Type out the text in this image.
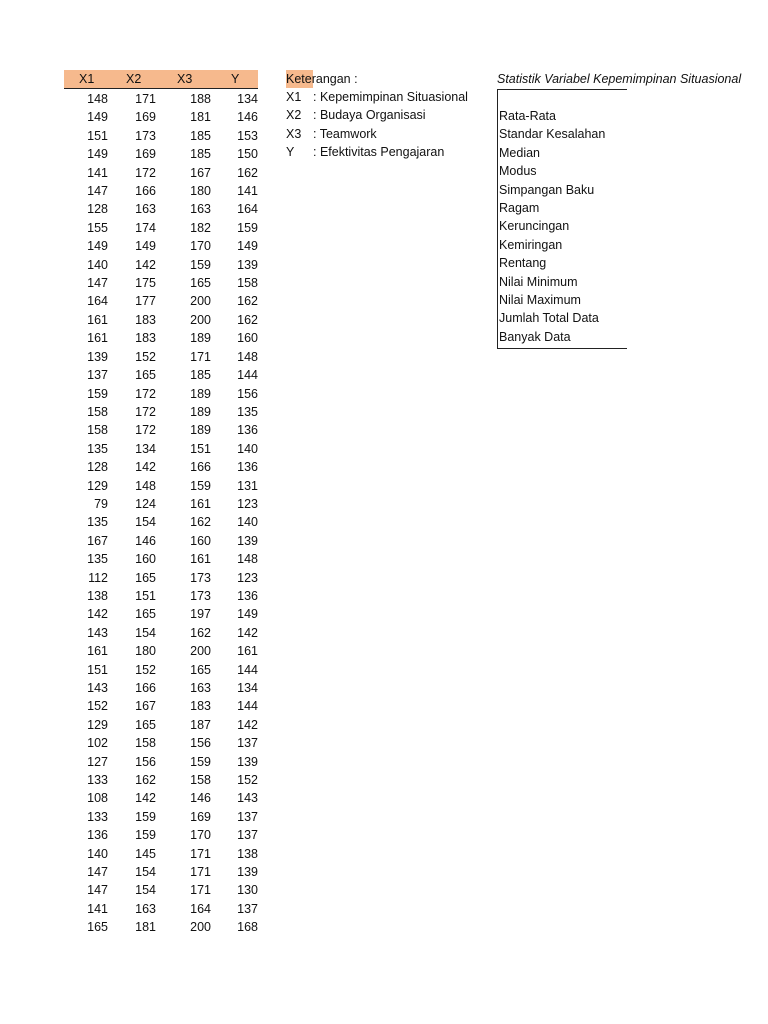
X1	X2	X3	Y
148	171	188	134
149	169	181	146
151	173	185	153
149	169	185	150
141	172	167	162
147	166	180	141
128	163	163	164
155	174	182	159
149	149	170	149
140	142	159	139
147	175	165	158
164	177	200	162
161	183	200	162
161	183	189	160
139	152	171	148
137	165	185	144
159	172	189	156
158	172	189	135
158	172	189	136
135	134	151	140
128	142	166	136
129	148	159	131
79	124	161	123
135	154	162	140
167	146	160	139
135	160	161	148
112	165	173	123
138	151	173	136
142	165	197	149
143	154	162	142
161	180	200	161
151	152	165	144
143	166	163	134
152	167	183	144
129	165	187	142
102	158	156	137
127	156	159	139
133	162	158	152
108	142	146	143
133	159	169	137
136	159	170	137
140	145	171	138
147	154	171	139
147	154	171	130
141	163	164	137
165	181	200	168
Keterangan :
X1 : Kepemimpinan Situasional
X2 : Budaya Organisasi
X3 : Teamwork
Y : Efektivitas Pengajaran
Statistik Variabel Kepemimpinan Situasional
Rata-Rata
Standar Kesalahan
Median
Modus
Simpangan Baku
Ragam
Keruncingan
Kemiringan
Rentang
Nilai Minimum
Nilai Maximum
Jumlah Total Data
Banyak Data
